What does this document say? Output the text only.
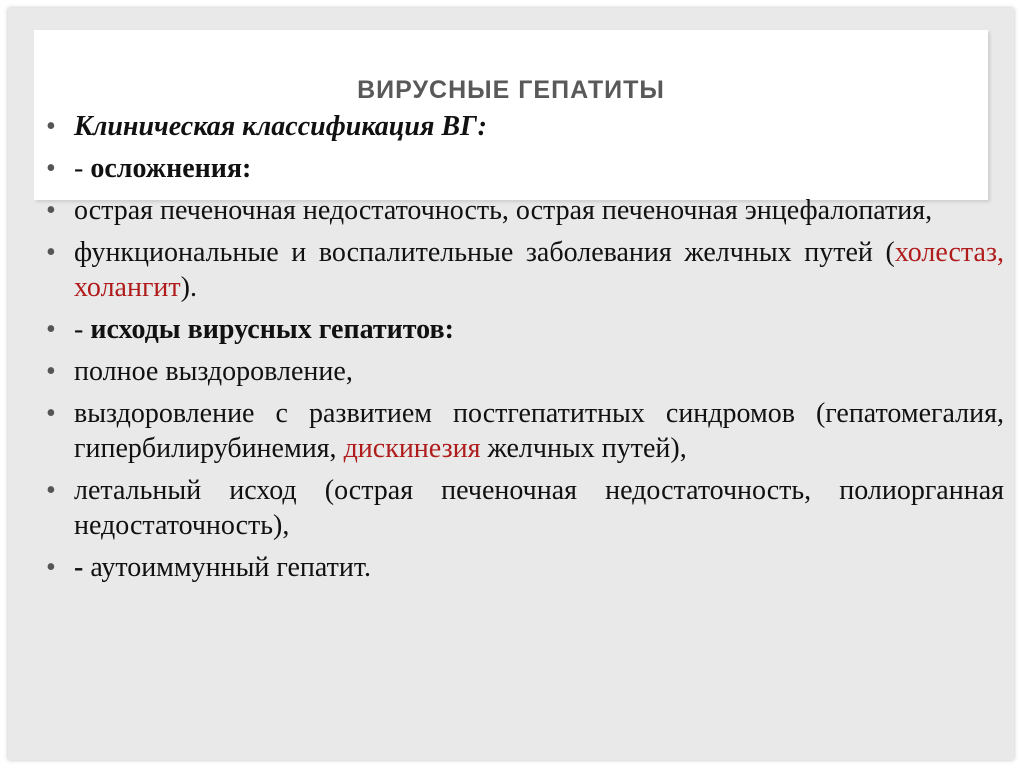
ВИРУСНЫЕ ГЕПАТИТЫ
• Клиническая классификация ВГ:
• - осложнения:
• острая печеночная недостаточность, острая печеночная энцефалопатия,
• функциональные и воспалительные заболевания желчных путей (холестаз, холангит).
• - исходы вирусных гепатитов:
• полное выздоровление,
• выздоровление с развитием постгепатитных синдромов (гепатомегалия, гипербилирубинемия, дискинезия желчных путей),
• летальный исход (острая печеночная недостаточность, полиорганная недостаточность),
• - аутоиммунный гепатит.
